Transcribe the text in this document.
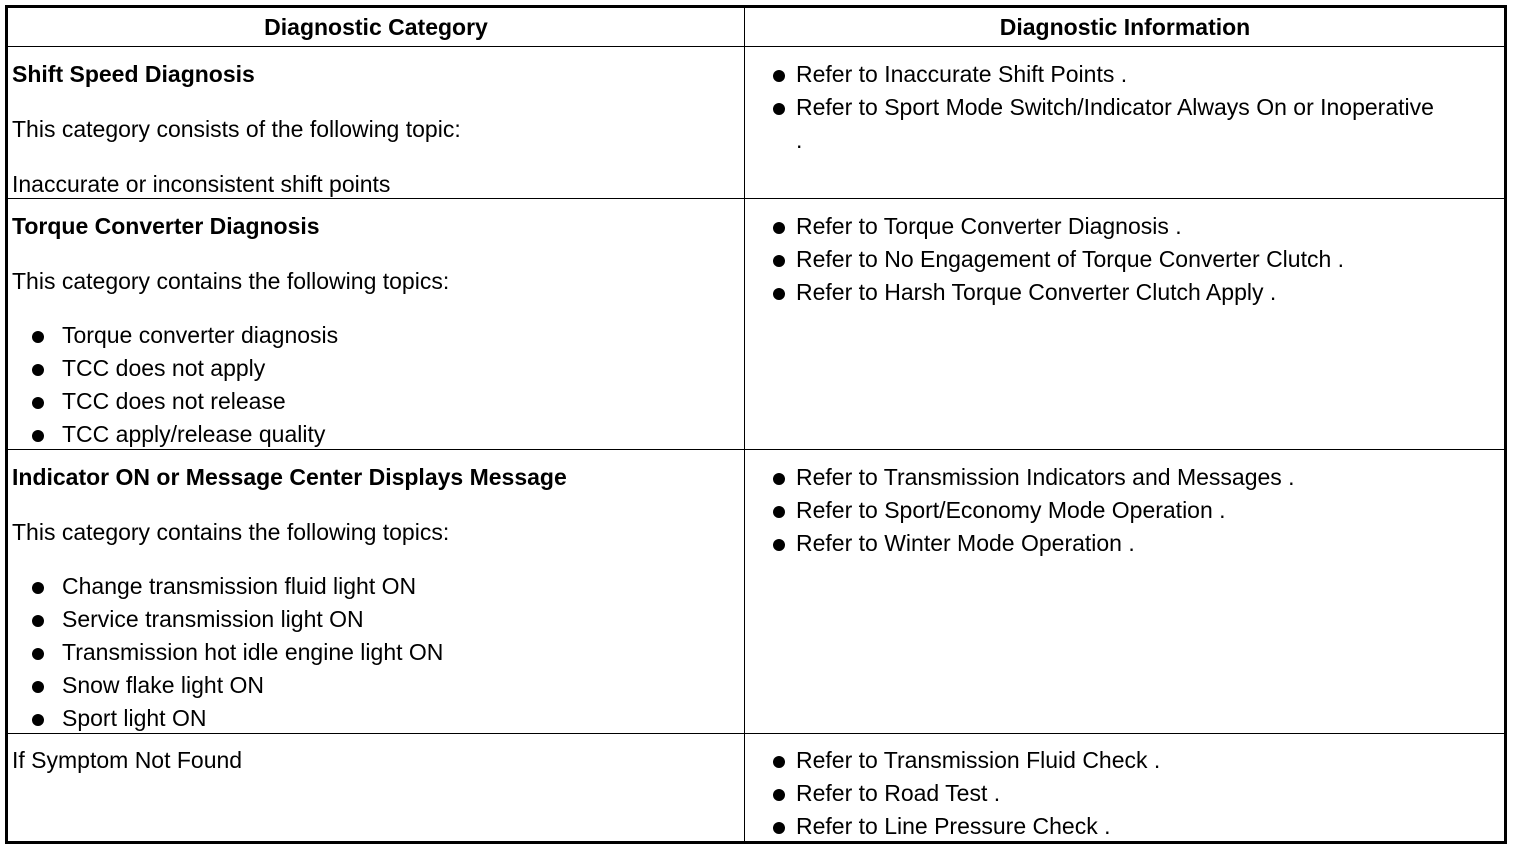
Diagnostic Category	Diagnostic Information
Shift Speed Diagnosis
This category consists of the following topic:
Inaccurate or inconsistent shift points
Refer to Inaccurate Shift Points .
Refer to Sport Mode Switch/Indicator Always On or Inoperative
.
Torque Converter Diagnosis
This category contains the following topics:
Torque converter diagnosis
TCC does not apply
TCC does not release
TCC apply/release quality
Refer to Torque Converter Diagnosis .
Refer to No Engagement of Torque Converter Clutch .
Refer to Harsh Torque Converter Clutch Apply .
Indicator ON or Message Center Displays Message
This category contains the following topics:
Change transmission fluid light ON
Service transmission light ON
Transmission hot idle engine light ON
Snow flake light ON
Sport light ON
Refer to Transmission Indicators and Messages .
Refer to Sport/Economy Mode Operation .
Refer to Winter Mode Operation .
If Symptom Not Found	Refer to Transmission Fluid Check .
Refer to Road Test .
Refer to Line Pressure Check .
